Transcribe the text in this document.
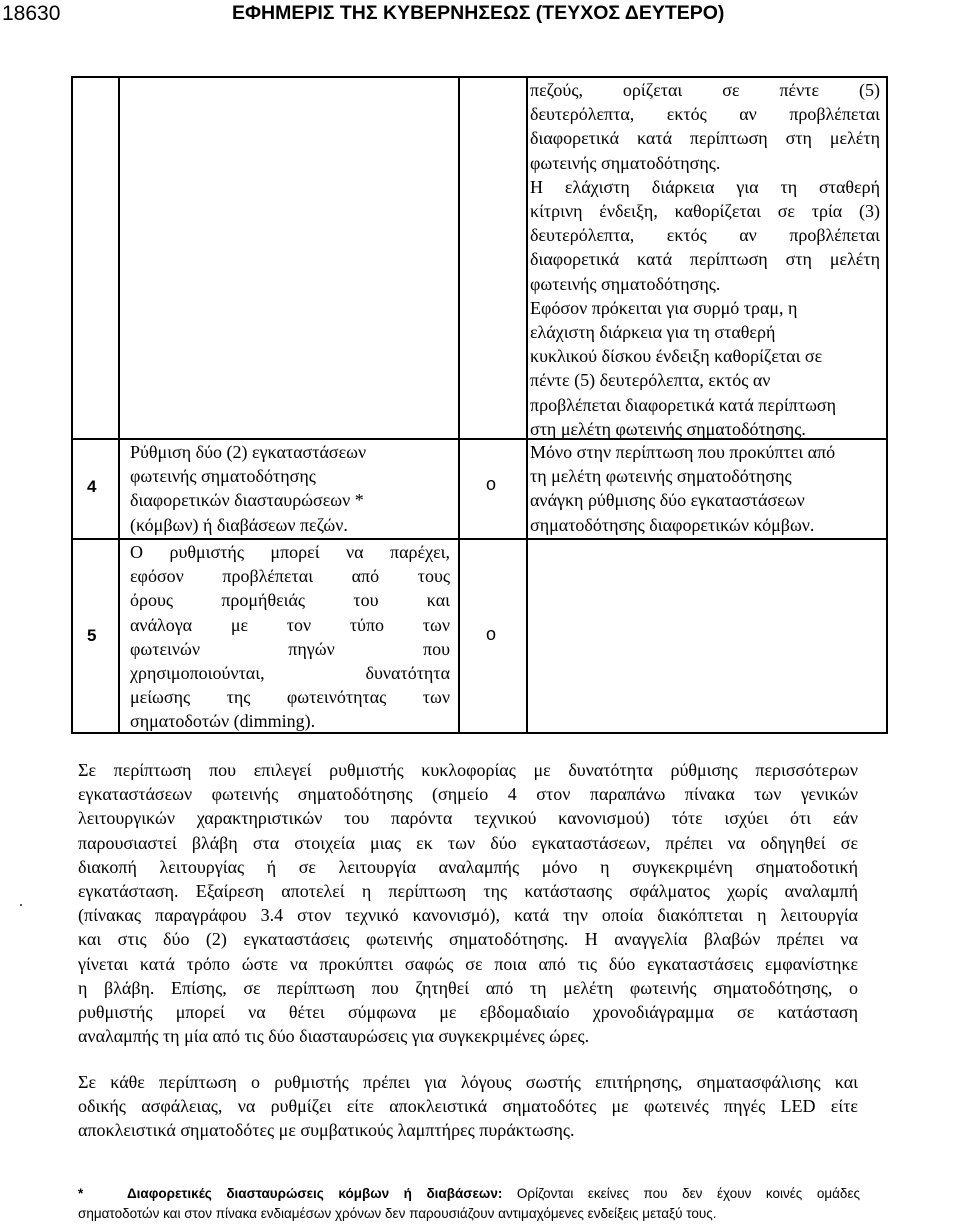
18630	ΕΦΗΜΕΡΙΣ ΤΗΣ ΚΥΒΕΡΝΗΣΕΩΣ (ΤΕΥΧΟΣ ΔΕΥΤΕΡΟ)
πεζούς, ορίζεται σε πέντε (5)
δευτερόλεπτα, εκτός αν προβλέπεται
διαφορετικά κατά περίπτωση στη μελέτη
φωτεινής σηματοδότησης.
Η ελάχιστη διάρκεια για τη σταθερή
κίτρινη ένδειξη, καθορίζεται σε τρία (3)
δευτερόλεπτα, εκτός αν προβλέπεται
διαφορετικά κατά περίπτωση στη μελέτη
φωτεινής σηματοδότησης.
Εφόσον πρόκειται για συρμό τραμ, η
ελάχιστη διάρκεια για τη σταθερή
κυκλικού δίσκου ένδειξη καθορίζεται σε
πέντε (5) δευτερόλεπτα, εκτός αν
προβλέπεται διαφορετικά κατά περίπτωση
στη μελέτη φωτεινής σηματοδότησης.
4
Ρύθμιση δύο (2) εγκαταστάσεων
φωτεινής σηματοδότησης
διαφορετικών διασταυρώσεων *
(κόμβων) ή διαβάσεων πεζών.
o
Μόνο στην περίπτωση που προκύπτει από
τη μελέτη φωτεινής σηματοδότησης
ανάγκη ρύθμισης δύο εγκαταστάσεων
σηματοδότησης διαφορετικών κόμβων.
5
Ο ρυθμιστής μπορεί να παρέχει,
εφόσον προβλέπεται από τους
όρους προμήθειάς του και
ανάλογα με τον τύπο των
φωτεινών πηγών που
χρησιμοποιούνται, δυνατότητα
μείωσης της φωτεινότητας των
σηματοδοτών (dimming).
o
Σε περίπτωση που επιλεγεί ρυθμιστής κυκλοφορίας με δυνατότητα ρύθμισης περισσότερων
εγκαταστάσεων φωτεινής σηματοδότησης (σημείο 4 στον παραπάνω πίνακα των γενικών
λειτουργικών χαρακτηριστικών του παρόντα τεχνικού κανονισμού) τότε ισχύει ότι εάν
παρουσιαστεί βλάβη στα στοιχεία μιας εκ των δύο εγκαταστάσεων, πρέπει να οδηγηθεί σε
διακοπή λειτουργίας ή σε λειτουργία αναλαμπής μόνο η συγκεκριμένη σηματοδοτική
εγκατάσταση. Εξαίρεση αποτελεί η περίπτωση της κατάστασης σφάλματος χωρίς αναλαμπή
(πίνακας παραγράφου 3.4 στον τεχνικό κανονισμό), κατά την οποία διακόπτεται η λειτουργία
και στις δύο (2) εγκαταστάσεις φωτεινής σηματοδότησης. Η αναγγελία βλαβών πρέπει να
γίνεται κατά τρόπο ώστε να προκύπτει σαφώς σε ποια από τις δύο εγκαταστάσεις εμφανίστηκε
η βλάβη. Επίσης, σε περίπτωση που ζητηθεί από τη μελέτη φωτεινής σηματοδότησης, ο
ρυθμιστής μπορεί να θέτει σύμφωνα με εβδομαδιαίο χρονοδιάγραμμα σε κατάσταση
αναλαμπής τη μία από τις δύο διασταυρώσεις για συγκεκριμένες ώρες.
Σε κάθε περίπτωση ο ρυθμιστής πρέπει για λόγους σωστής επιτήρησης, σηματασφάλισης και
οδικής ασφάλειας, να ρυθμίζει είτε αποκλειστικά σηματοδότες με φωτεινές πηγές LED είτε
αποκλειστικά σηματοδότες με συμβατικούς λαμπτήρες πυράκτωσης.
*	Διαφορετικές διασταυρώσεις κόμβων ή διαβάσεων: Ορίζονται εκείνες που δεν έχουν κοινές ομάδες
σηματοδοτών και στον πίνακα ενδιαμέσων χρόνων δεν παρουσιάζουν αντιμαχόμενες ενδείξεις μεταξύ τους.
